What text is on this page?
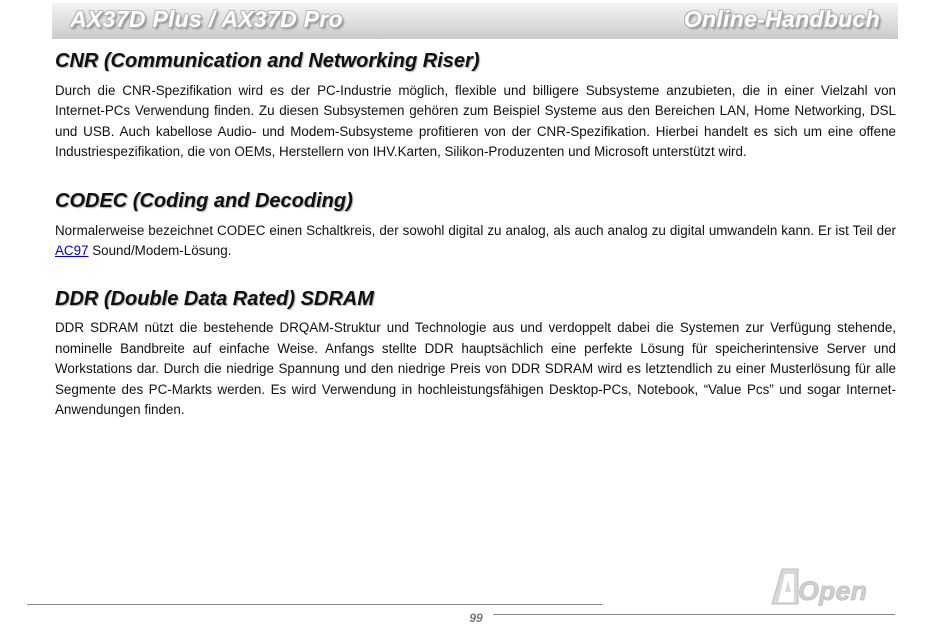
AX37D Plus / AX37D Pro	Online-Handbuch
CNR (Communication and Networking Riser)

Durch die CNR-Spezifikation wird es der PC-Industrie möglich, flexible und billigere Subsysteme anzubieten, die in einer Vielzahl von Internet-PCs Verwendung finden. Zu diesen Subsystemen gehören zum Beispiel Systeme aus den Bereichen LAN, Home Networking, DSL und USB. Auch kabellose Audio- und Modem-Subsysteme profitieren von der CNR-Spezifikation. Hierbei handelt es sich um eine offene Industriespezifikation, die von OEMs, Herstellern von IHV.Karten, Silikon-Produzenten und Microsoft unterstützt wird.

CODEC (Coding and Decoding)

Normalerweise bezeichnet CODEC einen Schaltkreis, der sowohl digital zu analog, als auch analog zu digital umwandeln kann. Er ist Teil der AC97 Sound/Modem-Lösung.

DDR (Double Data Rated) SDRAM

DDR SDRAM nützt die bestehende DRQAM-Struktur und Technologie aus und verdoppelt dabei die Systemen zur Verfügung stehende, nominelle Bandbreite auf einfache Weise. Anfangs stellte DDR hauptsächlich eine perfekte Lösung für speicherintensive Server und Workstations dar. Durch die niedrige Spannung und den niedrige Preis von DDR SDRAM wird es letztendlich zu einer Musterlösung für alle Segmente des PC-Markts werden. Es wird Verwendung in hochleistungsfähigen Desktop-PCs, Notebook, “Value Pcs” und sogar Internet-Anwendungen finden.

Open
99
